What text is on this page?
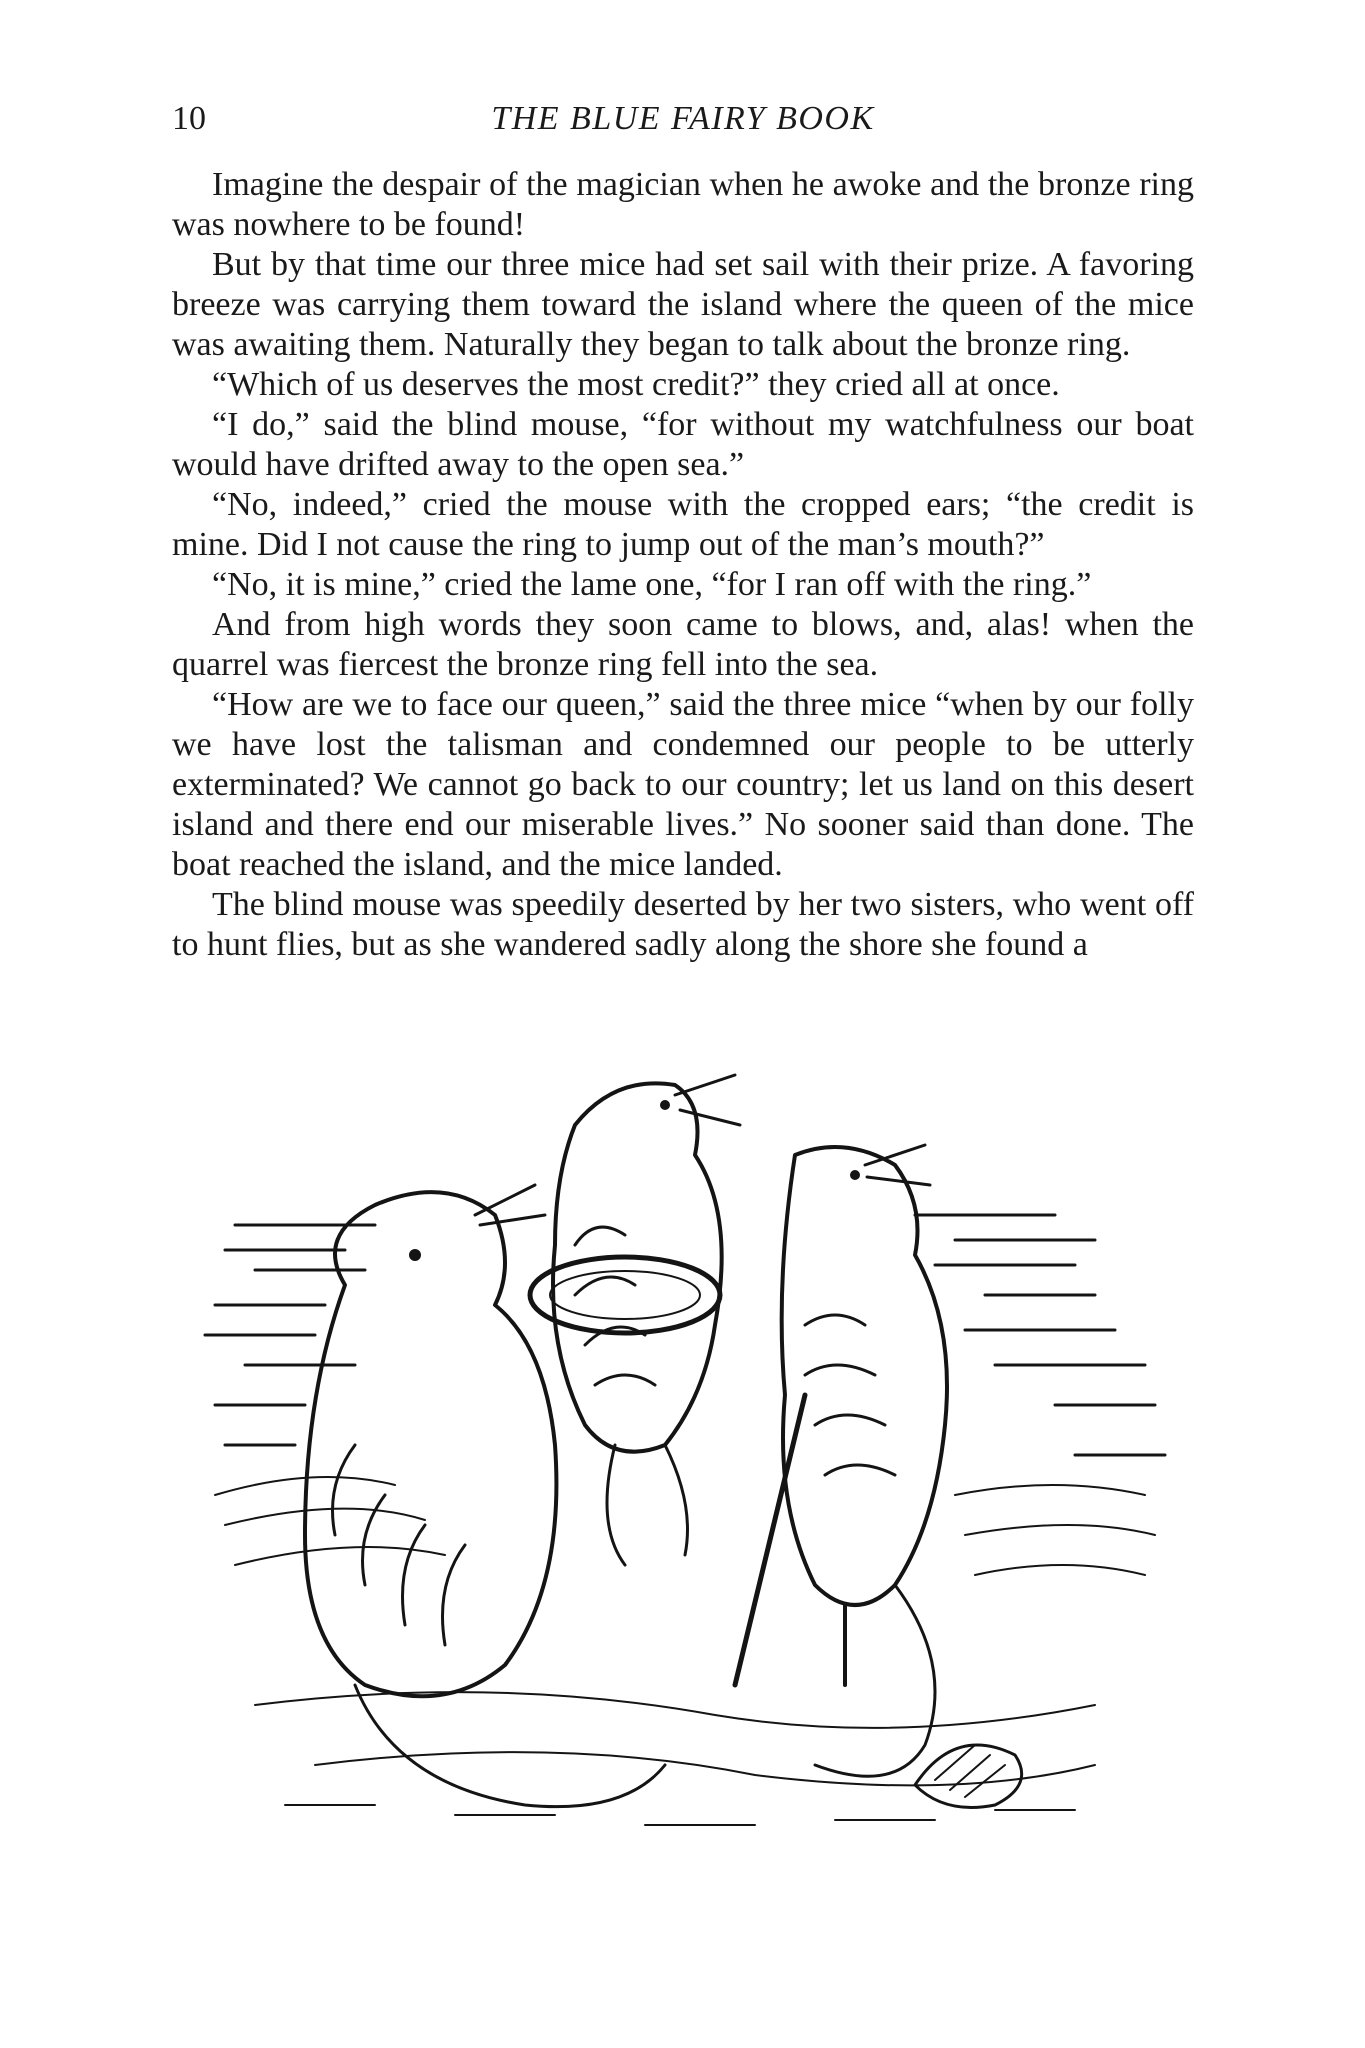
10	THE BLUE FAIRY BOOK

Imagine the despair of the magician when he awoke and the bronze ring was nowhere to be found!

But by that time our three mice had set sail with their prize. A favoring breeze was carrying them toward the island where the queen of the mice was awaiting them. Naturally they began to talk about the bronze ring.

“Which of us deserves the most credit?” they cried all at once.

“I do,” said the blind mouse, “for without my watchfulness our boat would have drifted away to the open sea.”

“No, indeed,” cried the mouse with the cropped ears; “the credit is mine. Did I not cause the ring to jump out of the man’s mouth?”

“No, it is mine,” cried the lame one, “for I ran off with the ring.”

And from high words they soon came to blows, and, alas! when the quarrel was fiercest the bronze ring fell into the sea.

“How are we to face our queen,” said the three mice “when by our folly we have lost the talisman and condemned our people to be utterly exterminated? We cannot go back to our country; let us land on this desert island and there end our miserable lives.” No sooner said than done. The boat reached the island, and the mice landed.

The blind mouse was speedily deserted by her two sisters, who went off to hunt flies, but as she wandered sadly along the shore she found a
